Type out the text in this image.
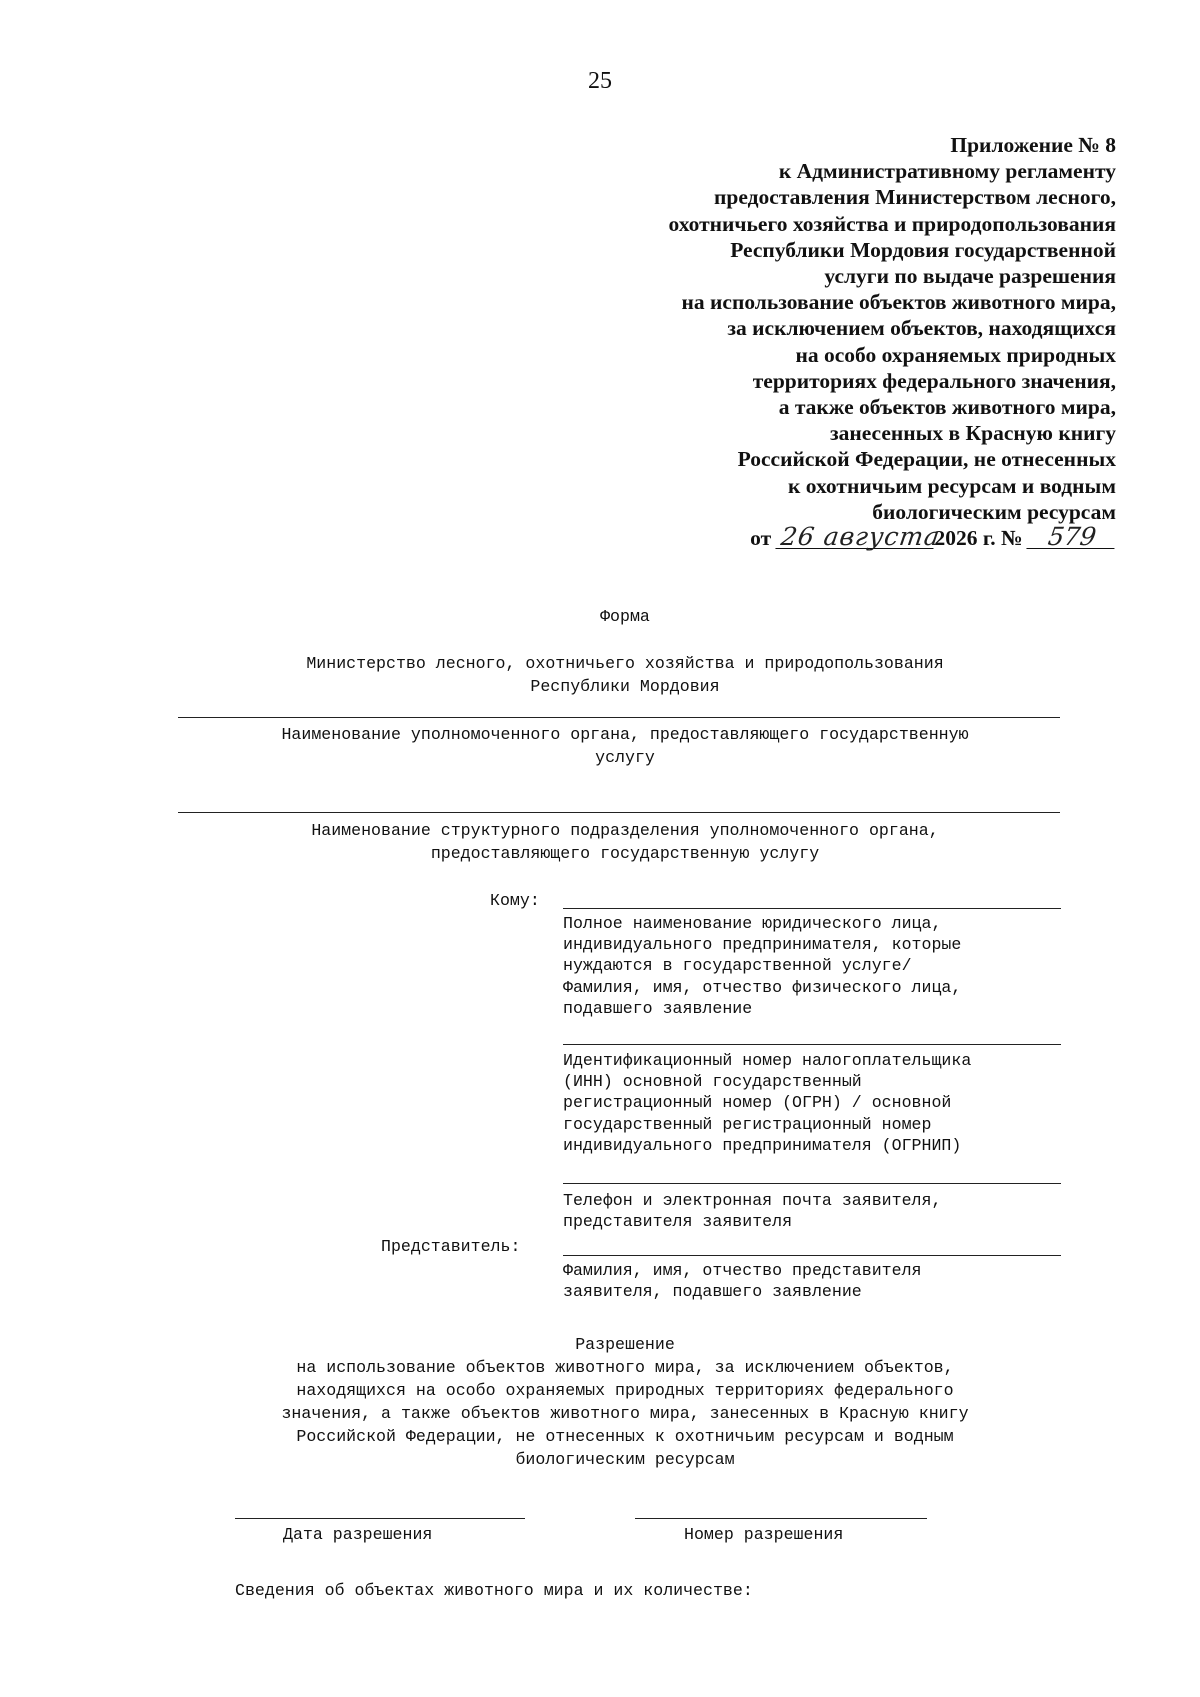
25
Приложение № 8
к Административному регламенту
предоставления Министерством лесного,
охотничьего хозяйства и природопользования
Республики Мордовия государственной
услуги по выдаче разрешения
на использование объектов животного мира,
за исключением объектов, находящихся
на особо охраняемых природных
территориях федерального значения,
а также объектов животного мира,
занесенных в Красную книгу
Российской Федерации, не отнесенных
к охотничьим ресурсам и водным
биологическим ресурсам
от 26 августа2026 г. № 579
Форма
Министерство лесного, охотничьего хозяйства и природопользования
Республики Мордовия
Наименование уполномоченного органа, предоставляющего государственную
услугу
Наименование структурного подразделения уполномоченного органа,
предоставляющего государственную услугу
Кому:
Полное наименование юридического лица,
индивидуального предпринимателя, которые
нуждаются в государственной услуге/
Фамилия, имя, отчество физического лица,
подавшего заявление
Идентификационный номер налогоплательщика
(ИНН) основной государственный
регистрационный номер (ОГРН) / основной
государственный регистрационный номер
индивидуального предпринимателя (ОГРНИП)
Телефон и электронная почта заявителя,
представителя заявителя
Представитель:
Фамилия, имя, отчество представителя
заявителя, подавшего заявление
Разрешение
на использование объектов животного мира, за исключением объектов,
находящихся на особо охраняемых природных территориях федерального
значения, а также объектов животного мира, занесенных в Красную книгу
Российской Федерации, не отнесенных к охотничьим ресурсам и водным
биологическим ресурсам
Дата разрешения	Номер разрешения
Сведения об объектах животного мира и их количестве:
